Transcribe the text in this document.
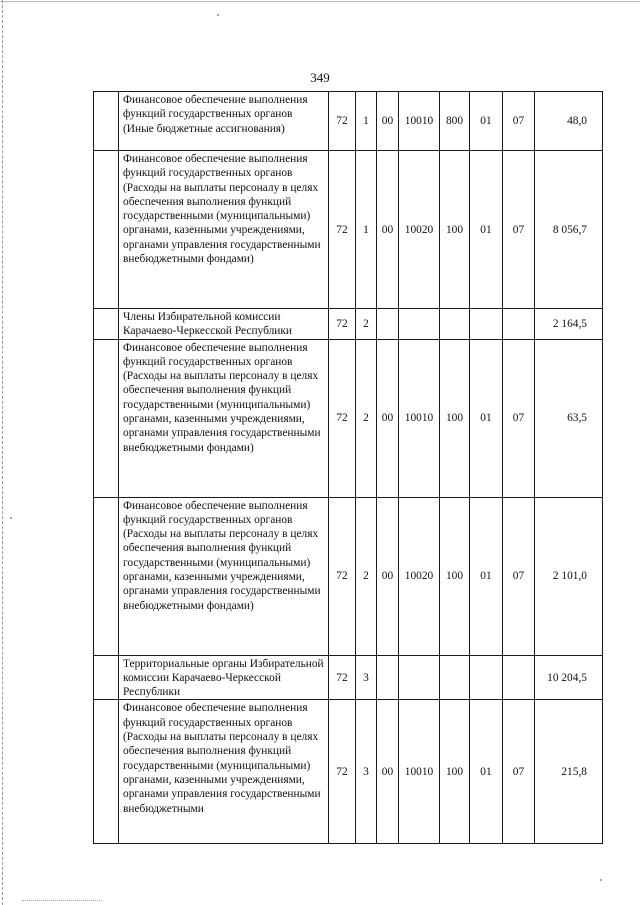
349
	Финансовое обеспечение выполнения функций государственных органов (Иные бюджетные ассигнования)	72	1	00	10010	800	01	07	48,0
	Финансовое обеспечение выполнения функций государственных органов (Расходы на выплаты персоналу в целях обеспечения выполнения функций государственными (муниципальными) органами, казенными учреждениями, органами управления государственными внебюджетными фондами)	72	1	00	10020	100	01	07	8 056,7
	Члены Избирательной комиссии Карачаево-Черкесской Республики	72	2						2 164,5
	Финансовое обеспечение выполнения функций государственных органов (Расходы на выплаты персоналу в целях обеспечения выполнения функций государственными (муниципальными) органами, казенными учреждениями, органами управления государственными внебюджетными фондами)	72	2	00	10010	100	01	07	63,5
	Финансовое обеспечение выполнения функций государственных органов (Расходы на выплаты персоналу в целях обеспечения выполнения функций государственными (муниципальными) органами, казенными учреждениями, органами управления государственными внебюджетными фондами)	72	2	00	10020	100	01	07	2 101,0
	Территориальные органы Избирательной комиссии Карачаево-Черкесской Республики	72	3						10 204,5
	Финансовое обеспечение выполнения функций государственных органов (Расходы на выплаты персоналу в целях обеспечения выполнения функций государственными (муниципальными) органами, казенными учреждениями, органами управления государственными внебюджетными	72	3	00	10010	100	01	07	215,8
